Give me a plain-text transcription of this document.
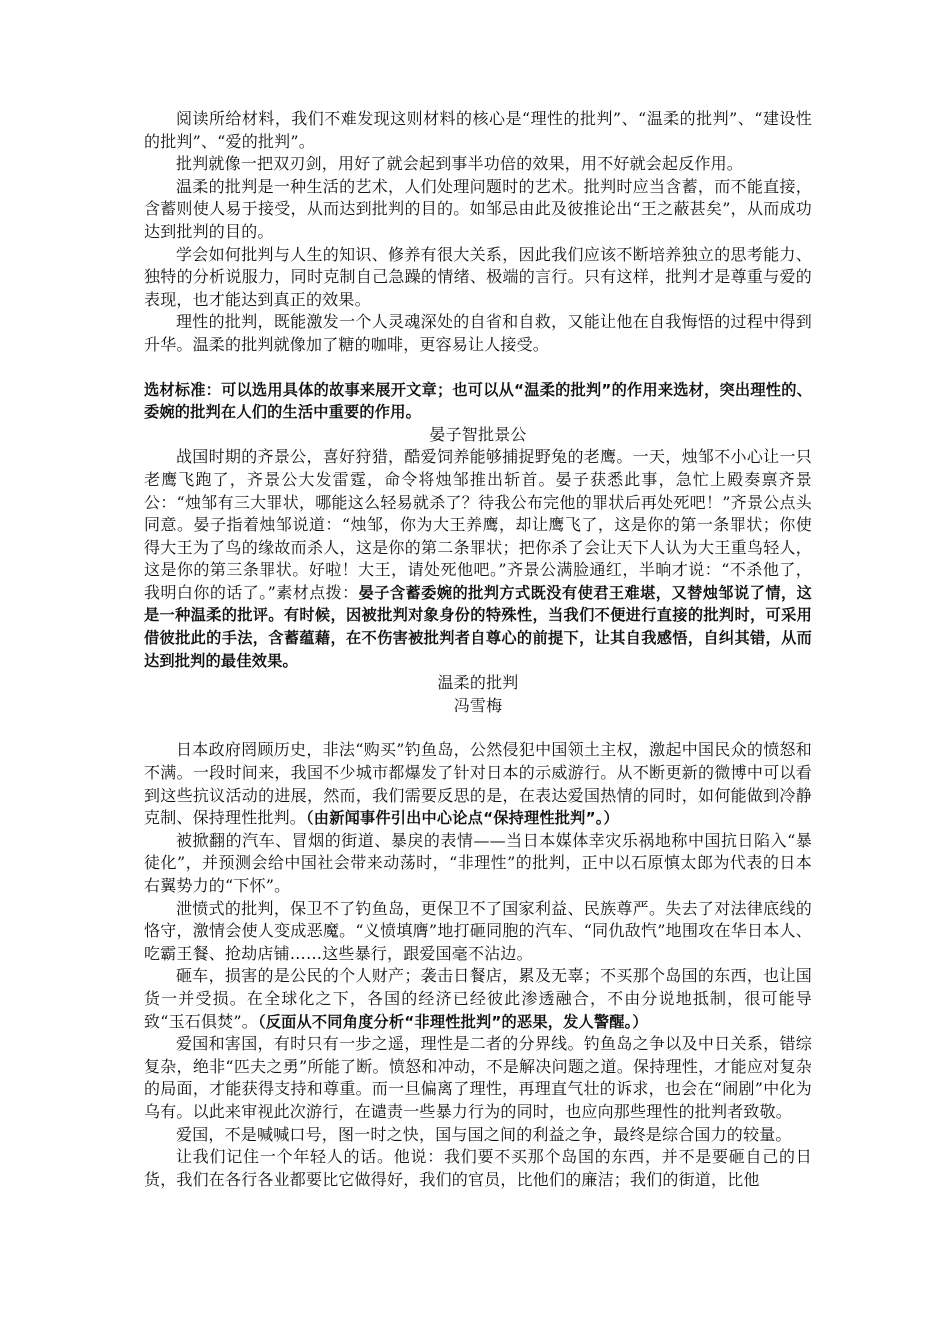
阅读所给材料，我们不难发现这则材料的核心是“理性的批判”、“温柔的批判”、“建设性的批判”、“爱的批判”。

批判就像一把双刃剑，用好了就会起到事半功倍的效果，用不好就会起反作用。

温柔的批判是一种生活的艺术，人们处理问题时的艺术。批判时应当含蓄，而不能直接，含蓄则使人易于接受，从而达到批判的目的。如邹忌由此及彼推论出“王之蔽甚矣”，从而成功达到批判的目的。

学会如何批判与人生的知识、修养有很大关系，因此我们应该不断培养独立的思考能力、独特的分析说服力，同时克制自己急躁的情绪、极端的言行。只有这样，批判才是尊重与爱的表现，也才能达到真正的效果。

理性的批判，既能激发一个人灵魂深处的自省和自救，又能让他在自我悔悟的过程中得到升华。温柔的批判就像加了糖的咖啡，更容易让人接受。

选材标准：可以选用具体的故事来展开文章；也可以从“温柔的批判”的作用来选材，突出理性的、委婉的批判在人们的生活中重要的作用。

晏子智批景公

战国时期的齐景公，喜好狩猎，酷爱饲养能够捕捉野兔的老鹰。一天，烛邹不小心让一只老鹰飞跑了，齐景公大发雷霆，命令将烛邹推出斩首。晏子获悉此事，急忙上殿奏禀齐景公：“烛邹有三大罪状，哪能这么轻易就杀了？待我公布完他的罪状后再处死吧！”齐景公点头同意。晏子指着烛邹说道：“烛邹，你为大王养鹰，却让鹰飞了，这是你的第一条罪状；你使得大王为了鸟的缘故而杀人，这是你的第二条罪状；把你杀了会让天下人认为大王重鸟轻人，这是你的第三条罪状。好啦！大王，请处死他吧。”齐景公满脸通红，半晌才说：“不杀他了，我明白你的话了。”素材点拨：晏子含蓄委婉的批判方式既没有使君王难堪，又替烛邹说了情，这是一种温柔的批评。有时候，因被批判对象身份的特殊性，当我们不便进行直接的批判时，可采用借彼批此的手法，含蓄蕴藉，在不伤害被批判者自尊心的前提下，让其自我感悟，自纠其错，从而达到批判的最佳效果。

温柔的批判

冯雪梅

日本政府罔顾历史，非法“购买”钓鱼岛，公然侵犯中国领土主权，激起中国民众的愤怒和不满。一段时间来，我国不少城市都爆发了针对日本的示威游行。从不断更新的微博中可以看到这些抗议活动的进展，然而，我们需要反思的是，在表达爱国热情的同时，如何能做到冷静克制、保持理性批判。（由新闻事件引出中心论点“保持理性批判”。）

被掀翻的汽车、冒烟的街道、暴戾的表情——当日本媒体幸灾乐祸地称中国抗日陷入“暴徒化”，并预测会给中国社会带来动荡时，“非理性”的批判，正中以石原慎太郎为代表的日本右翼势力的“下怀”。

泄愤式的批判，保卫不了钓鱼岛，更保卫不了国家利益、民族尊严。失去了对法律底线的恪守，激情会使人变成恶魔。“义愤填膺”地打砸同胞的汽车、“同仇敌忾”地围攻在华日本人、吃霸王餐、抢劫店铺……这些暴行，跟爱国毫不沾边。

砸车，损害的是公民的个人财产；袭击日餐店，累及无辜；不买那个岛国的东西，也让国货一并受损。在全球化之下，各国的经济已经彼此渗透融合，不由分说地抵制，很可能导致“玉石俱焚”。（反面从不同角度分析“非理性批判”的恶果，发人警醒。）

爱国和害国，有时只有一步之遥，理性是二者的分界线。钓鱼岛之争以及中日关系，错综复杂，绝非“匹夫之勇”所能了断。愤怒和冲动，不是解决问题之道。保持理性，才能应对复杂的局面，才能获得支持和尊重。而一旦偏离了理性，再理直气壮的诉求，也会在“闹剧”中化为乌有。以此来审视此次游行，在谴责一些暴力行为的同时，也应向那些理性的批判者致敬。

爱国，不是喊喊口号，图一时之快，国与国之间的利益之争，最终是综合国力的较量。

让我们记住一个年轻人的话。他说：我们要不买那个岛国的东西，并不是要砸自己的日货，我们在各行各业都要比它做得好，我们的官员，比他们的廉洁；我们的街道，比他
